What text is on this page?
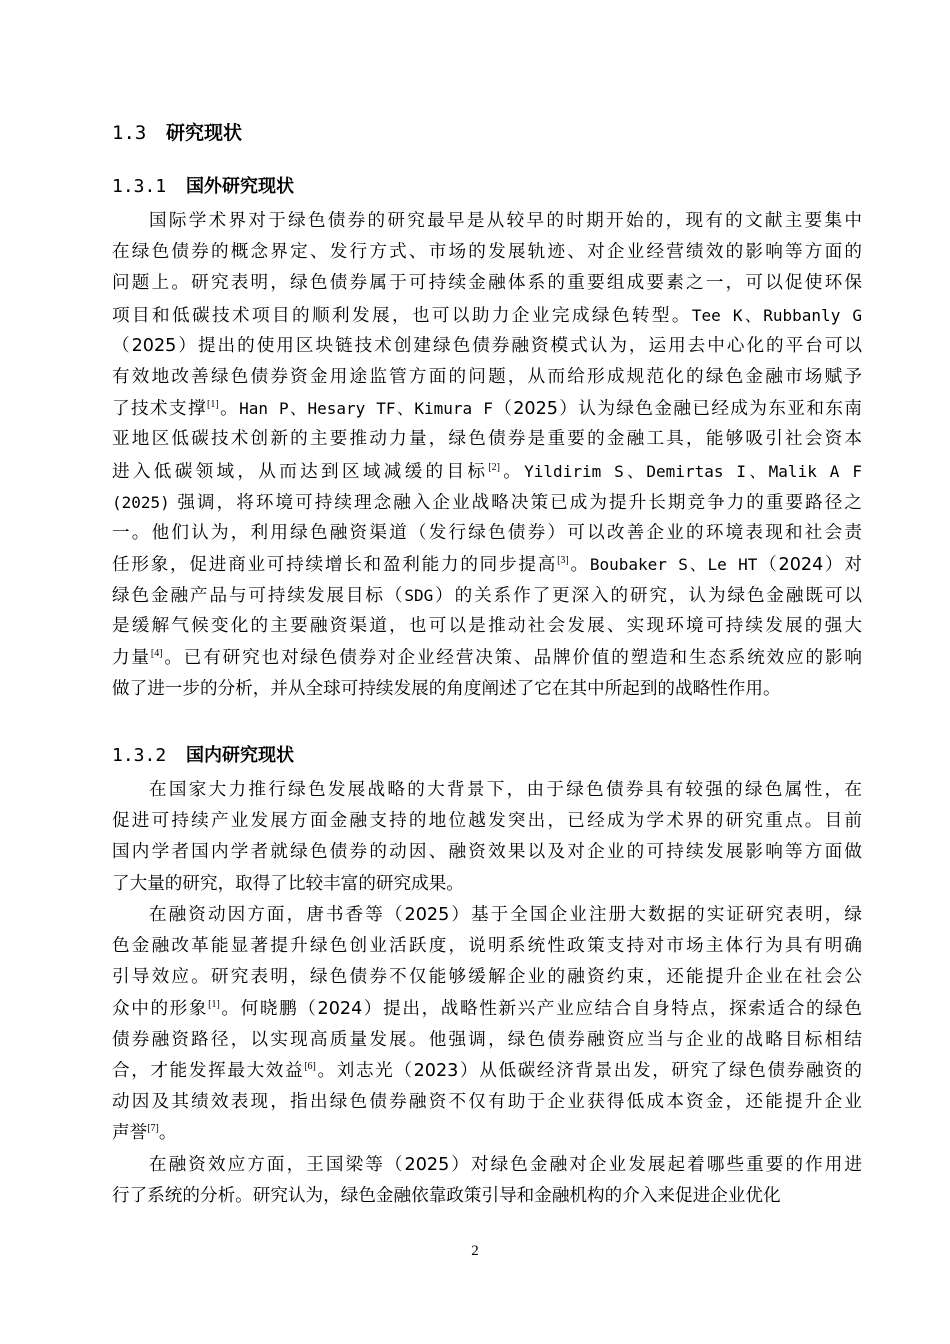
1.3 研究现状
1.3.1 国外研究现状
国际学术界对于绿色债券的研究最早是从较早的时期开始的，现有的文献主要集中
在绿色债券的概念界定、发行方式、市场的发展轨迹、对企业经营绩效的影响等方面的
问题上。研究表明，绿色债券属于可持续金融体系的重要组成要素之一，可以促使环保
项目和低碳技术项目的顺利发展，也可以助力企业完成绿色转型。Tee K、Rubbanly G
（2025）提出的使用区块链技术创建绿色债券融资模式认为，运用去中心化的平台可以
有效地改善绿色债券资金用途监管方面的问题，从而给形成规范化的绿色金融市场赋予
了技术支撑[1]。Han P、Hesary TF、Kimura F（2025）认为绿色金融已经成为东亚和东南
亚地区低碳技术创新的主要推动力量，绿色债券是重要的金融工具，能够吸引社会资本
进入低碳领域，从而达到区域减缓的目标[2]。Yildirim S、Demirtas I、Malik A F
(2025) 强调，将环境可持续理念融入企业战略决策已成为提升长期竞争力的重要路径之
一。他们认为，利用绿色融资渠道（发行绿色债券）可以改善企业的环境表现和社会责
任形象，促进商业可持续增长和盈利能力的同步提高[3]。Boubaker S、Le HT（2024）对
绿色金融产品与可持续发展目标（SDG）的关系作了更深入的研究，认为绿色金融既可以
是缓解气候变化的主要融资渠道，也可以是推动社会发展、实现环境可持续发展的强大
力量[4]。已有研究也对绿色债券对企业经营决策、品牌价值的塑造和生态系统效应的影响
做了进一步的分析，并从全球可持续发展的角度阐述了它在其中所起到的战略性作用。
1.3.2 国内研究现状
在国家大力推行绿色发展战略的大背景下，由于绿色债券具有较强的绿色属性，在
促进可持续产业发展方面金融支持的地位越发突出，已经成为学术界的研究重点。目前
国内学者国内学者就绿色债券的动因、融资效果以及对企业的可持续发展影响等方面做
了大量的研究，取得了比较丰富的研究成果。
在融资动因方面，唐书香等（2025）基于全国企业注册大数据的实证研究表明，绿
色金融改革能显著提升绿色创业活跃度，说明系统性政策支持对市场主体行为具有明确
引导效应。研究表明，绿色债券不仅能够缓解企业的融资约束，还能提升企业在社会公
众中的形象[1]。何晓鹏（2024）提出，战略性新兴产业应结合自身特点，探索适合的绿色
债券融资路径，以实现高质量发展。他强调，绿色债券融资应当与企业的战略目标相结
合，才能发挥最大效益[6]。刘志光（2023）从低碳经济背景出发，研究了绿色债券融资的
动因及其绩效表现，指出绿色债券融资不仅有助于企业获得低成本资金，还能提升企业
声誉[7]。
在融资效应方面，王国梁等（2025）对绿色金融对企业发展起着哪些重要的作用进
行了系统的分析。研究认为，绿色金融依靠政策引导和金融机构的介入来促进企业优化
2
